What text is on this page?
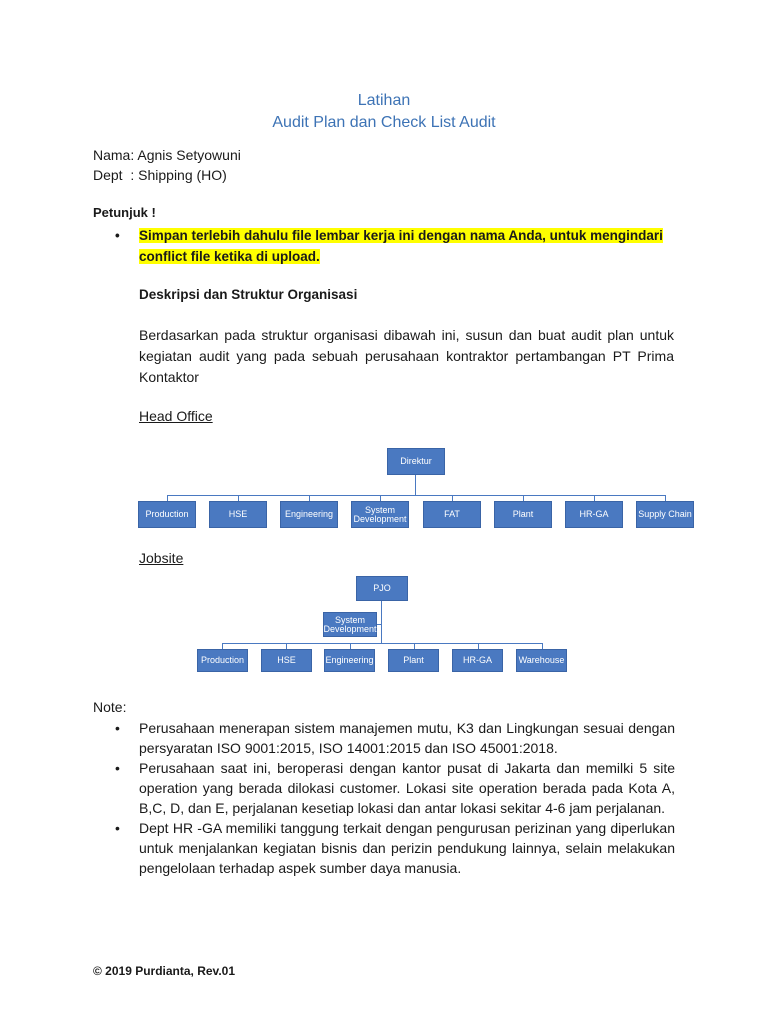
Latihan
Audit Plan dan Check List Audit
Nama: Agnis Setyowuni
Dept  : Shipping (HO)
Petunjuk !
•	Simpan terlebih dahulu file lembar kerja ini dengan nama Anda, untuk mengindari conflict file ketika di upload.
Deskripsi dan Struktur Organisasi
Berdasarkan pada struktur organisasi dibawah ini, susun dan buat audit plan untuk kegiatan audit yang pada sebuah perusahaan kontraktor pertambangan PT Prima Kontaktor
Head Office
Direktur
Production	HSE	Engineering	System Development	FAT	Plant	HR-GA	Supply Chain
Jobsite
PJO
System Development
Production	HSE	Engineering	Plant	HR-GA	Warehouse
Note:
• Perusahaan menerapan sistem manajemen mutu, K3 dan Lingkungan sesuai dengan persyaratan ISO 9001:2015, ISO 14001:2015 dan ISO 45001:2018.
• Perusahaan saat ini, beroperasi dengan kantor pusat di Jakarta dan memilki 5 site operation yang berada dilokasi customer. Lokasi site operation berada pada Kota A, B,C, D, dan E, perjalanan kesetiap lokasi dan antar lokasi sekitar 4-6 jam perjalanan.
• Dept HR -GA memiliki tanggung terkait dengan pengurusan perizinan yang diperlukan untuk menjalankan kegiatan bisnis dan perizin pendukung lainnya, selain melakukan pengelolaan terhadap aspek sumber daya manusia.
© 2019 Purdianta, Rev.01
